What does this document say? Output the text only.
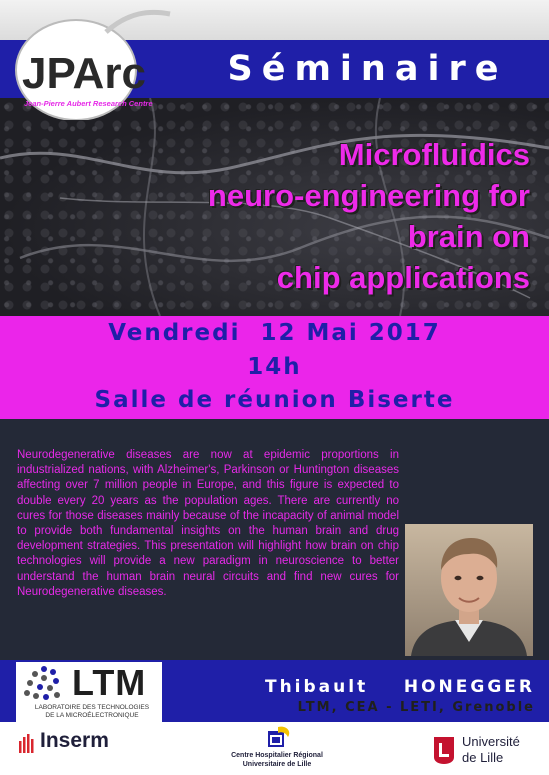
Séminaire
Microfluidics
neuro-engineering for
brain on
chip applications
JPArc
Jean-Pierre Aubert Research Centre
Vendredi  12 Mai 2017
14h
Salle de réunion Biserte
Neurodegenerative diseases are now at epidemic proportions in industrialized nations, with Alzheimer's, Parkinson or Huntington diseases affecting over 7 million people in Europe, and this figure is expected to double every 20 years as the population ages. There are currently no cures for those diseases mainly because of the incapacity of animal model to provide both fundamental insights on the human brain and drug development strategies. This presentation will highlight how brain on chip technologies will provide a new paradigm in neuroscience to better understand the human brain neural circuits and find new cures for Neurodegenerative diseases.
Thibault    HONEGGER
LTM, CEA - LETI, Grenoble
LTM
LABORATOIRE DES TECHNOLOGIES
DE LA MICROÉLECTRONIQUE
Inserm
Centre Hospitalier Régional
Universitaire de Lille
Université
de Lille
